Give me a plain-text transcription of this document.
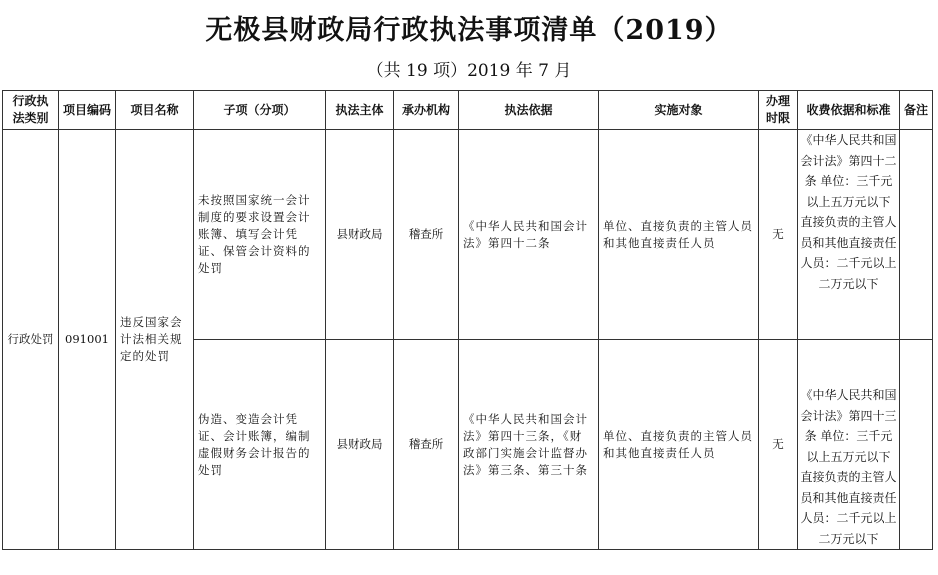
无极县财政局行政执法事项清单（2019）
（共 19 项）2019 年 7 月
行政执法类别	项目编码	项目名称	子项（分项）	执法主体	承办机构	执法依据	实施对象	办理时限	收费依据和标准	备注
行政处罚	091001	违反国家会计法相关规定的处罚	未按照国家统一会计制度的要求设置会计账簿、填写会计凭证、保管会计资料的处罚	县财政局	稽查所	《中华人民共和国会计法》第四十二条	单位、直接负责的主管人员和其他直接责任人员	无	《中华人民共和国会计法》第四十二条 单位：三千元以上五万元以下 直接负责的主管人员和其他直接责任人员：二千元以上二万元以下	
			伪造、变造会计凭证、会计账簿，编制虚假财务会计报告的处罚	县财政局	稽查所	《中华人民共和国会计法》第四十三条，《财政部门实施会计监督办法》第三条、第三十条	单位、直接负责的主管人员和其他直接责任人员	无	《中华人民共和国会计法》第四十三条 单位：三千元以上五万元以下 直接负责的主管人员和其他直接责任人员：二千元以上二万元以下	
